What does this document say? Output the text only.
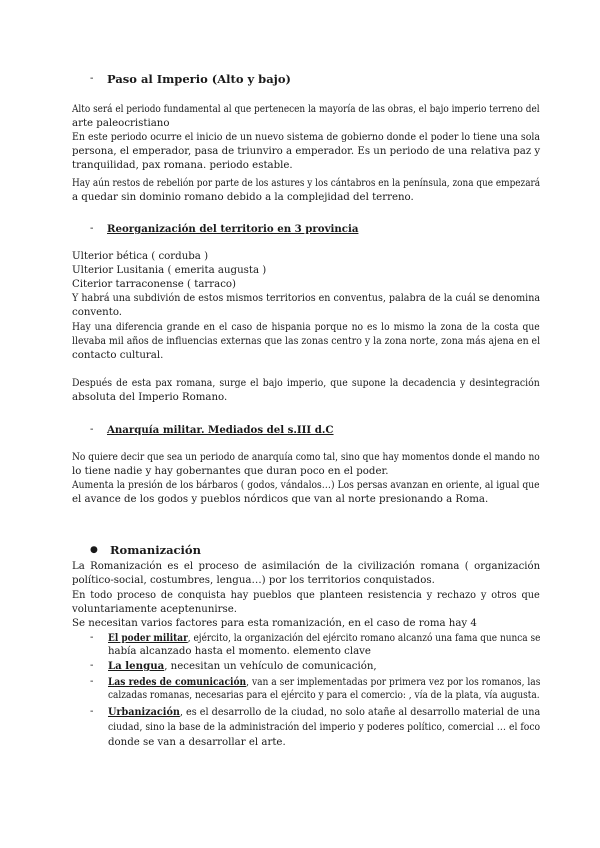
- Paso al Imperio (Alto y bajo)
Alto será el periodo fundamental al que pertenecen la mayoría de las obras, el bajo imperio terreno del
arte paleocristiano
En este periodo ocurre el inicio de un nuevo sistema de gobierno donde el poder lo tiene una sola
persona, el emperador, pasa de triunviro a emperador. Es un periodo de una relativa paz y
tranquilidad, pax romana. periodo estable.
Hay aún restos de rebelión por parte de los astures y los cántabros en la península, zona que empezará
a quedar sin dominio romano debido a la complejidad del terreno.
- Reorganización del territorio en 3 provincia
Ulterior bética ( corduba )
Ulterior Lusitania ( emerita augusta )
Citerior tarraconense ( tarraco)
Y habrá una subdivión de estos mismos territorios en conventus, palabra de la cuál se denomina
convento.
Hay una diferencia grande en el caso de hispania porque no es lo mismo la zona de la costa que
llevaba mil años de influencias externas que las zonas centro y la zona norte, zona más ajena en el
contacto cultural.
Después de esta pax romana, surge el bajo imperio, que supone la decadencia y desintegración
absoluta del Imperio Romano.
- Anarquía militar. Mediados del s.III d.C
No quiere decir que sea un periodo de anarquía como tal, sino que hay momentos donde el mando no
lo tiene nadie y hay gobernantes que duran poco en el poder.
Aumenta la presión de los bárbaros ( godos, vándalos…) Los persas avanzan en oriente, al igual que
el avance de los godos y pueblos nórdicos que van al norte presionando a Roma.
● Romanización
La Romanización es el proceso de asimilación de la civilización romana ( organización
político-social, costumbres, lengua…) por los territorios conquistados.
En todo proceso de conquista hay pueblos que planteen resistencia y rechazo y otros que
voluntariamente aceptenunirse.
Se necesitan varios factores para esta romanización, en el caso de roma hay 4
- El poder militar, ejército, la organización del ejército romano alcanzó una fama que nunca se
había alcanzado hasta el momento. elemento clave
- La lengua, necesitan un vehículo de comunicación,
- Las redes de comunicación, van a ser implementadas por primera vez por los romanos, las
calzadas romanas, necesarias para el ejército y para el comercio: , vía de la plata, vía augusta.
- Urbanización, es el desarrollo de la ciudad, no solo atañe al desarrollo material de una
ciudad, sino la base de la administración del imperio y poderes político, comercial … el foco
donde se van a desarrollar el arte.
